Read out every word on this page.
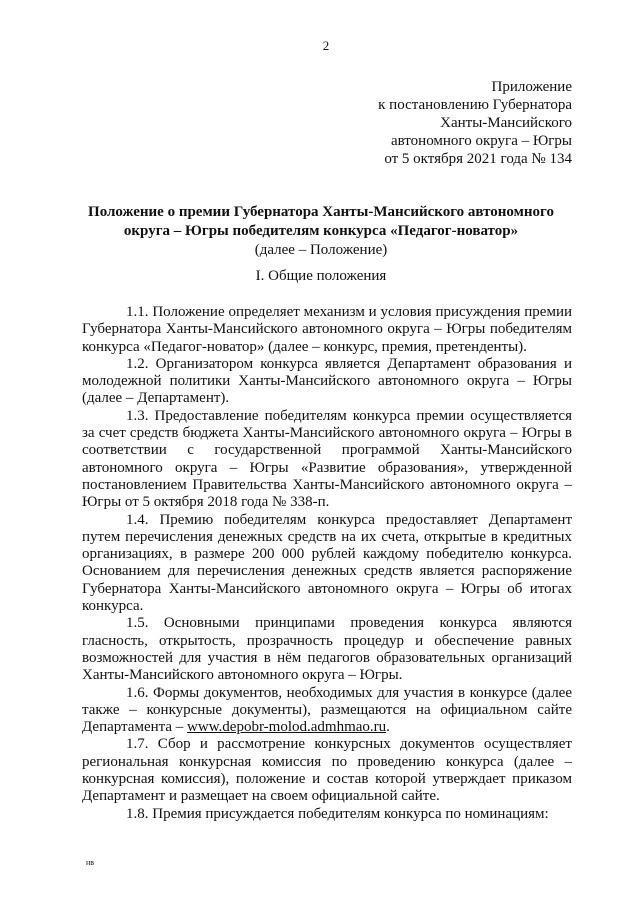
2
Приложение
к постановлению Губернатора
Ханты-Мансийского
автономного округа – Югры
от 5 октября 2021 года № 134
Положение о премии Губернатора Ханты-Мансийского автономного
округа – Югры победителям конкурса «Педагог-новатор»
(далее – Положение)
I. Общие положения

1.1. Положение определяет механизм и условия присуждения премии Губернатора Ханты-Мансийского автономного округа – Югры победителям конкурса «Педагог-новатор» (далее – конкурс, премия, претенденты).

1.2. Организатором конкурса является Департамент образования и молодежной политики Ханты-Мансийского автономного округа – Югры (далее – Департамент).

1.3. Предоставление победителям конкурса премии осуществляется за счет средств бюджета Ханты-Мансийского автономного округа – Югры в соответствии с государственной программой Ханты-Мансийского автономного округа – Югры «Развитие образования», утвержденной постановлением Правительства Ханты-Мансийского автономного округа – Югры от 5 октября 2018 года № 338-п.

1.4. Премию победителям конкурса предоставляет Департамент путем перечисления денежных средств на их счета, открытые в кредитных организациях, в размере 200 000 рублей каждому победителю конкурса. Основанием для перечисления денежных средств является распоряжение Губернатора Ханты-Мансийского автономного округа – Югры об итогах конкурса.

1.5. Основными принципами проведения конкурса являются гласность, открытость, прозрачность процедур и обеспечение равных возможностей для участия в нём педагогов образовательных организаций Ханты-Мансийского автономного округа – Югры.

1.6. Формы документов, необходимых для участия в конкурсе (далее также – конкурсные документы), размещаются на официальном сайте Департамента – www.depobr-molod.admhmao.ru.

1.7. Сбор и рассмотрение конкурсных документов осуществляет региональная конкурсная комиссия по проведению конкурса (далее – конкурсная комиссия), положение и состав которой утверждает приказом Департамент и размещает на своем официальной сайте.

1.8. Премия присуждается победителям конкурса по номинациям:

нв
